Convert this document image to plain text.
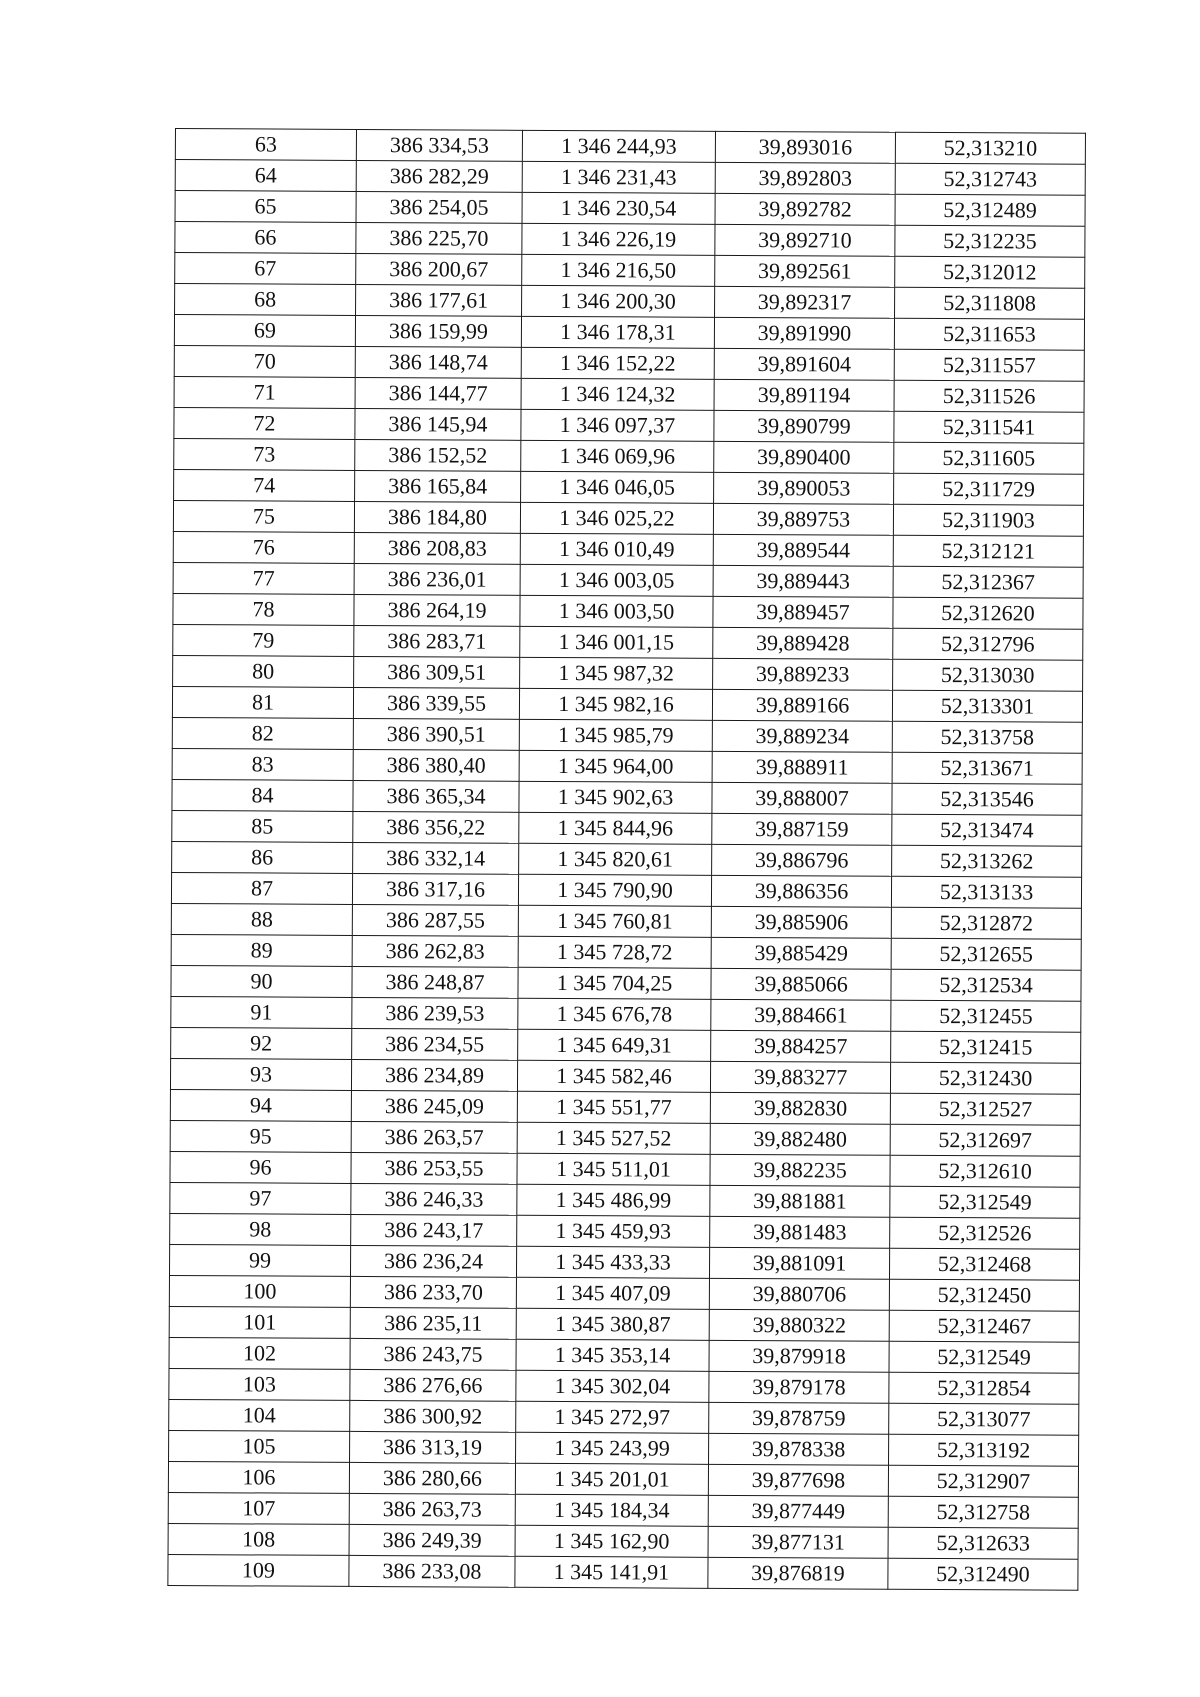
63	386 334,53	1 346 244,93	39,893016	52,313210
64	386 282,29	1 346 231,43	39,892803	52,312743
65	386 254,05	1 346 230,54	39,892782	52,312489
66	386 225,70	1 346 226,19	39,892710	52,312235
67	386 200,67	1 346 216,50	39,892561	52,312012
68	386 177,61	1 346 200,30	39,892317	52,311808
69	386 159,99	1 346 178,31	39,891990	52,311653
70	386 148,74	1 346 152,22	39,891604	52,311557
71	386 144,77	1 346 124,32	39,891194	52,311526
72	386 145,94	1 346 097,37	39,890799	52,311541
73	386 152,52	1 346 069,96	39,890400	52,311605
74	386 165,84	1 346 046,05	39,890053	52,311729
75	386 184,80	1 346 025,22	39,889753	52,311903
76	386 208,83	1 346 010,49	39,889544	52,312121
77	386 236,01	1 346 003,05	39,889443	52,312367
78	386 264,19	1 346 003,50	39,889457	52,312620
79	386 283,71	1 346 001,15	39,889428	52,312796
80	386 309,51	1 345 987,32	39,889233	52,313030
81	386 339,55	1 345 982,16	39,889166	52,313301
82	386 390,51	1 345 985,79	39,889234	52,313758
83	386 380,40	1 345 964,00	39,888911	52,313671
84	386 365,34	1 345 902,63	39,888007	52,313546
85	386 356,22	1 345 844,96	39,887159	52,313474
86	386 332,14	1 345 820,61	39,886796	52,313262
87	386 317,16	1 345 790,90	39,886356	52,313133
88	386 287,55	1 345 760,81	39,885906	52,312872
89	386 262,83	1 345 728,72	39,885429	52,312655
90	386 248,87	1 345 704,25	39,885066	52,312534
91	386 239,53	1 345 676,78	39,884661	52,312455
92	386 234,55	1 345 649,31	39,884257	52,312415
93	386 234,89	1 345 582,46	39,883277	52,312430
94	386 245,09	1 345 551,77	39,882830	52,312527
95	386 263,57	1 345 527,52	39,882480	52,312697
96	386 253,55	1 345 511,01	39,882235	52,312610
97	386 246,33	1 345 486,99	39,881881	52,312549
98	386 243,17	1 345 459,93	39,881483	52,312526
99	386 236,24	1 345 433,33	39,881091	52,312468
100	386 233,70	1 345 407,09	39,880706	52,312450
101	386 235,11	1 345 380,87	39,880322	52,312467
102	386 243,75	1 345 353,14	39,879918	52,312549
103	386 276,66	1 345 302,04	39,879178	52,312854
104	386 300,92	1 345 272,97	39,878759	52,313077
105	386 313,19	1 345 243,99	39,878338	52,313192
106	386 280,66	1 345 201,01	39,877698	52,312907
107	386 263,73	1 345 184,34	39,877449	52,312758
108	386 249,39	1 345 162,90	39,877131	52,312633
109	386 233,08	1 345 141,91	39,876819	52,312490
